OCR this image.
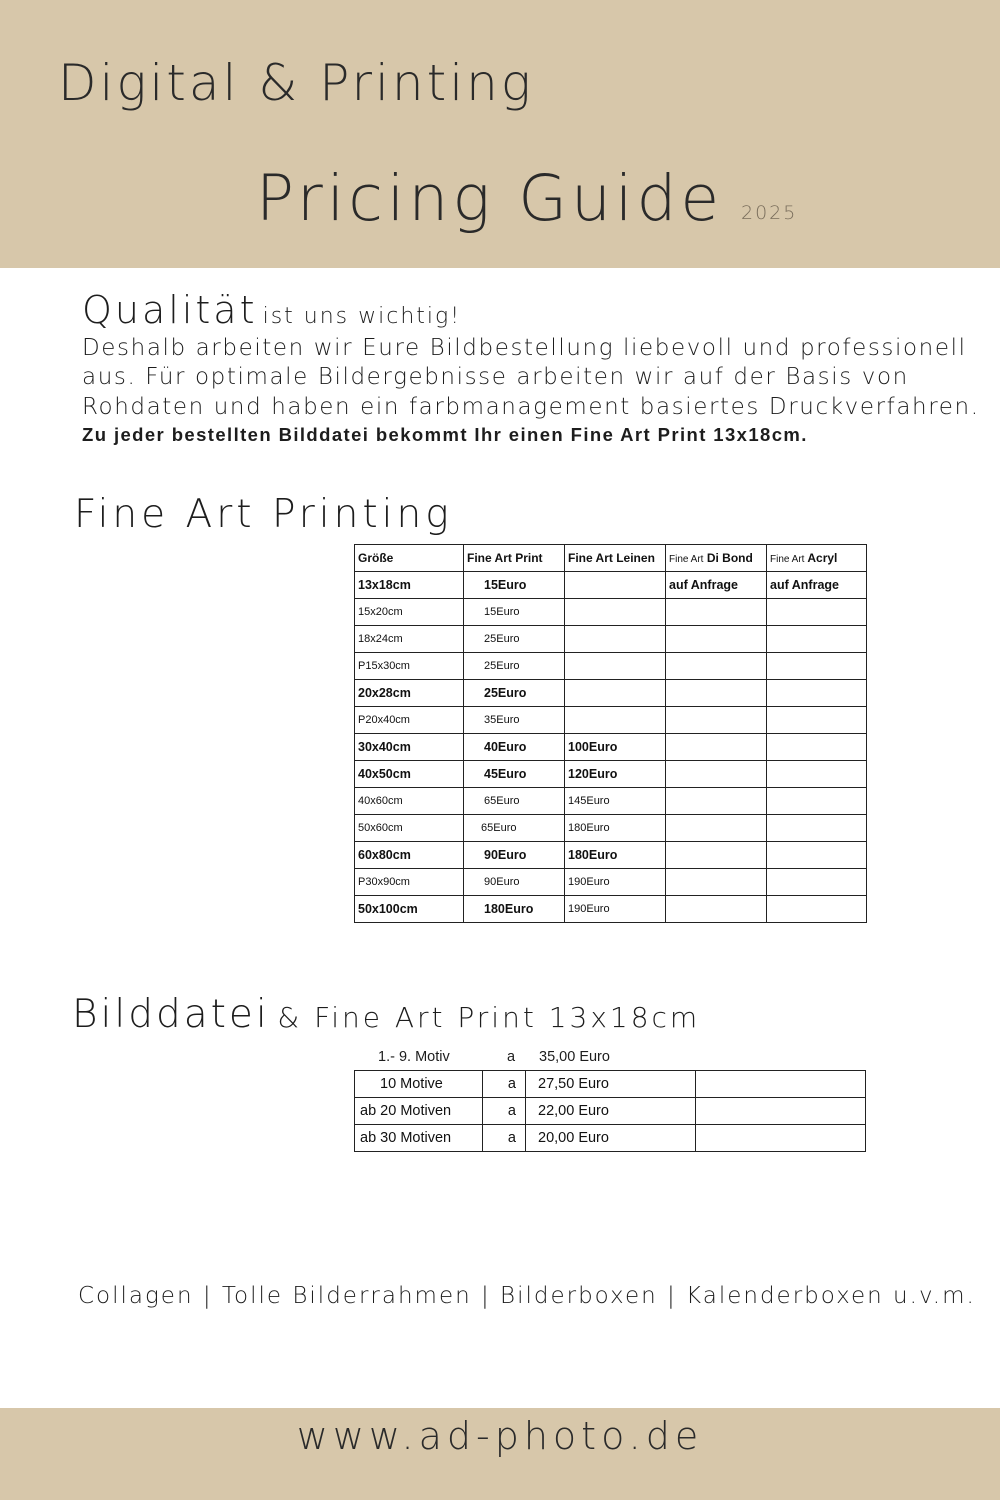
Digital & Printing
Pricing Guide 2025

Qualität ist uns wichtig!

Deshalb arbeiten wir Eure Bildbestellung liebevoll und professionell

aus. Für optimale Bildergebnisse arbeiten wir auf der Basis von

Rohdaten und haben ein farbmanagement basiertes Druckverfahren.

Zu jeder bestellten Bilddatei bekommt Ihr einen Fine Art Print 13x18cm.

Fine Art Printing
Größe	Fine Art Print	Fine Art Leinen	Fine Art Di Bond	Fine Art Acryl
13x18cm	15Euro		auf Anfrage	auf Anfrage
15x20cm	15Euro			
18x24cm	25Euro			
P15x30cm	25Euro			
20x28cm	25Euro			
P20x40cm	35Euro			
30x40cm	40Euro	100Euro		
40x50cm	45Euro	120Euro		
40x60cm	65Euro	145Euro		
50x60cm	65Euro	180Euro		
60x80cm	90Euro	180Euro		
P30x90cm	90Euro	190Euro		
50x100cm	180Euro	190Euro		
Bilddatei & Fine Art Print 13x18cm
1.- 9. Motiv	a 35,00 Euro
10 Motive	a	27,50 Euro	
ab 20 Motiven	a	22,00 Euro	
ab 30 Motiven	a	20,00 Euro	

Collagen | Tolle Bilderrahmen | Bilderboxen | Kalenderboxen u.v.m.

www.ad-photo.de
